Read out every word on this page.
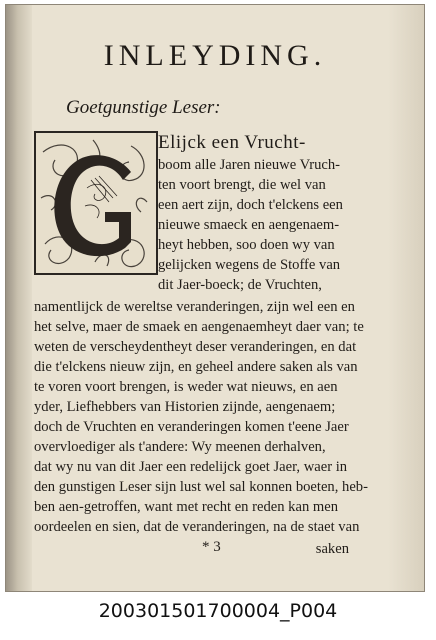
INLEYDING.
Goetgunstige Leser:
Elijck een Vrucht-
boom alle Jaren nieuwe Vruch-
ten voort brengt, die wel van
een aert zijn, doch t'elckens een
nieuwe smaeck en aengenaem-
heyt hebben, soo doen wy van
gelijcken wegens de Stoffe van
dit Jaer-boeck; de Vruchten,
namentlijck de wereltse veranderingen, zijn wel een en
het selve, maer de smaek en aengenaemheyt daer van; te
weten de verscheydentheyt deser veranderingen, en dat
die t'elckens nieuw zijn, en geheel andere saken als van
te voren voort brengen, is weder wat nieuws, en aen
yder, Liefhebbers van Historien zijnde, aengenaem;
doch de Vruchten en veranderingen komen t'eene Jaer
overvloediger als t'andere: Wy meenen derhalven,
dat wy nu van dit Jaer een redelijck goet Jaer, waer in
den gunstigen Leser sijn lust wel sal konnen boeten, heb-
ben aen-getroffen, want met recht en reden kan men
oordeelen en sien, dat de veranderingen, na de staet van
* 3	saken
200301501700004_P004
